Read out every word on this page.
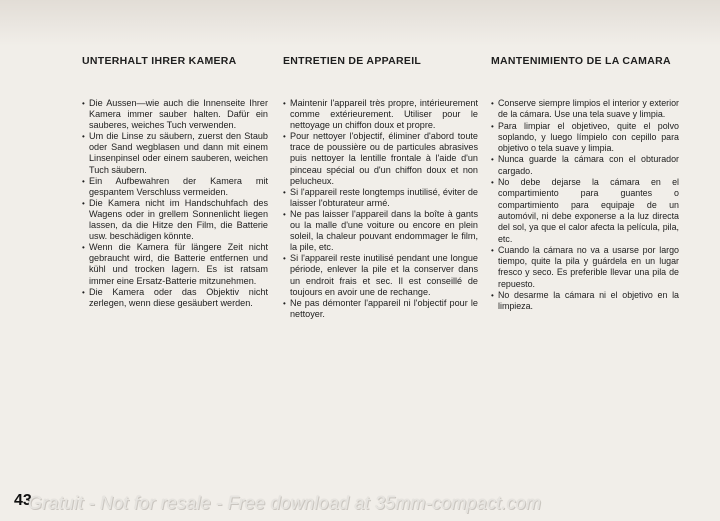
UNTERHALT IHRER KAMERA
• Die Aussen—wie auch die Innenseite Ihrer Kamera immer sauber halten. Dafür ein sauberes, weiches Tuch verwenden.
• Um die Linse zu säubern, zuerst den Staub oder Sand wegblasen und dann mit einem Linsenpinsel oder einem sauberen, weichen Tuch säubern.
• Ein Aufbewahren der Kamera mit gespantem Verschluss vermeiden.
• Die Kamera nicht im Handschuhfach des Wagens oder in grellem Sonnenlicht liegen lassen, da die Hitze den Film, die Batterie usw. beschädigen könnte.
• Wenn die Kamera für längere Zeit nicht gebraucht wird, die Batterie entfernen und kühl und trocken lagern. Es ist ratsam immer eine Ersatz-Batterie mitzunehmen.
• Die Kamera oder das Objektiv nicht zerlegen, wenn diese gesäubert werden.
ENTRETIEN DE APPAREIL
• Maintenir l'appareil très propre, intérieurement comme extérieurement. Utiliser pour le nettoyage un chiffon doux et propre.
• Pour nettoyer l'objectif, éliminer d'abord toute trace de poussière ou de particules abrasives puis nettoyer la lentille frontale à l'aide d'un pinceau spécial ou d'un chiffon doux et non pelucheux.
• Si l'appareil reste longtemps inutilisé, éviter de laisser l'obturateur armé.
• Ne pas laisser l'appareil dans la boîte à gants ou la malle d'une voiture ou encore en plein soleil, la chaleur pouvant endommager le film, la pile, etc.
• Si l'appareil reste inutilisé pendant une longue période, enlever la pile et la conserver dans un endroit frais et sec. Il est conseillé de toujours en avoir une de rechange.
• Ne pas démonter l'appareil ni l'objectif pour le nettoyer.
MANTENIMIENTO DE LA CAMARA
• Conserve siempre limpios el interior y exterior de la cámara. Use una tela suave y limpia.
• Para limpiar el objetiveo, quite el polvo soplando, y luego límpielo con cepillo para objetivo o tela suave y limpia.
• Nunca guarde la cámara con el obturador cargado.
• No debe dejarse la cámara en el compartimiento para guantes o compartimiento para equipaje de un automóvil, ni debe exponerse a la luz directa del sol, ya que el calor afecta la película, pila, etc.
• Cuando la cámara no va a usarse por largo tiempo, quite la pila y guárdela en un lugar fresco y seco. Es preferible llevar una pila de repuesto.
• No desarme la cámara ni el objetivo en la limpieza.
43
Gratuit - Not for resale - Free download at 35mm-compact.com
